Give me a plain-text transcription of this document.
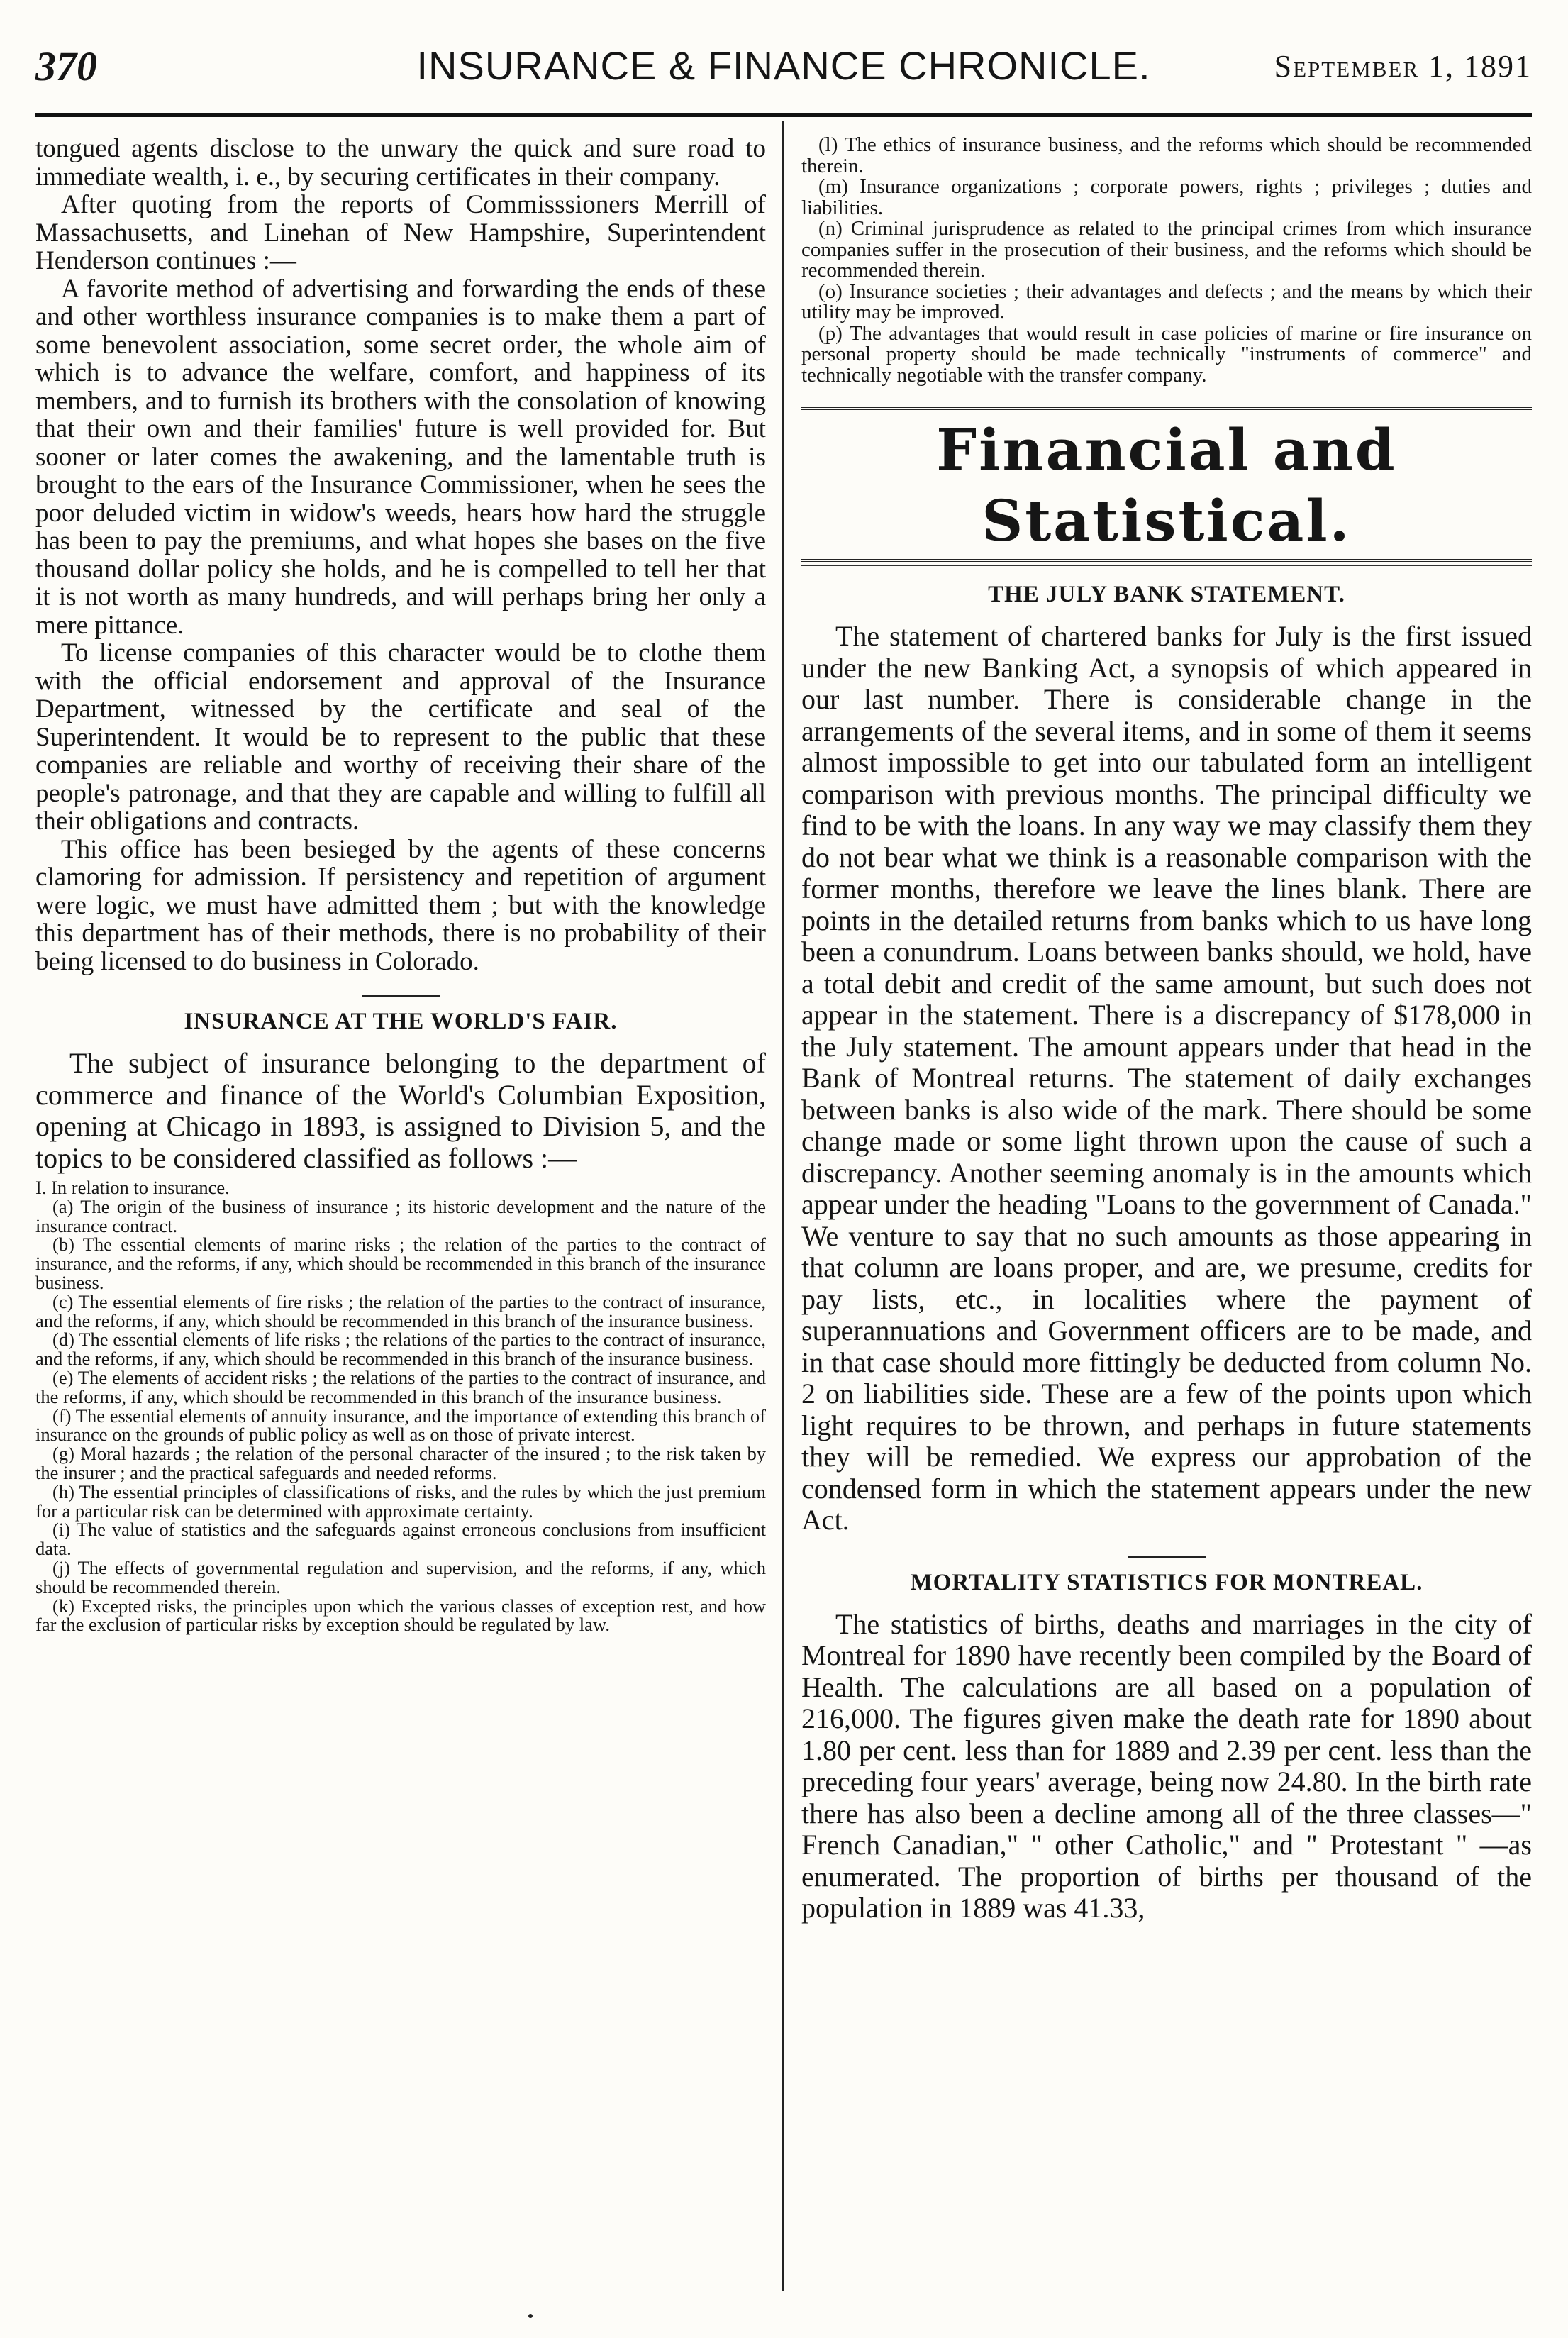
370	INSURANCE & FINANCE CHRONICLE.	September 1, 1891

tongued agents disclose to the unwary the quick and sure road to immediate wealth, i. e., by securing certificates in their company.

After quoting from the reports of Commisssioners Merrill of Massachusetts, and Linehan of New Hampshire, Superintendent Henderson continues :—

A favorite method of advertising and forwarding the ends of these and other worthless insurance companies is to make them a part of some benevolent association, some secret order, the whole aim of which is to advance the welfare, comfort, and happiness of its members, and to furnish its brothers with the consolation of knowing that their own and their families' future is well provided for. But sooner or later comes the awakening, and the lamentable truth is brought to the ears of the Insurance Commissioner, when he sees the poor deluded victim in widow's weeds, hears how hard the struggle has been to pay the premiums, and what hopes she bases on the five thousand dollar policy she holds, and he is compelled to tell her that it is not worth as many hundreds, and will perhaps bring her only a mere pittance.

To license companies of this character would be to clothe them with the official endorsement and approval of the Insurance Department, witnessed by the certificate and seal of the Superintendent. It would be to represent to the public that these companies are reliable and worthy of receiving their share of the people's patronage, and that they are capable and willing to fulfill all their obligations and contracts.

This office has been besieged by the agents of these concerns clamoring for admission. If persistency and repetition of argument were logic, we must have admitted them ; but with the knowledge this department has of their methods, there is no probability of their being licensed to do business in Colorado.

INSURANCE AT THE WORLD'S FAIR.

The subject of insurance belonging to the department of commerce and finance of the World's Columbian Exposition, opening at Chicago in 1893, is assigned to Division 5, and the topics to be considered classified as follows :—

I. In relation to insurance.

(a) The origin of the business of insurance ; its historic development and the nature of the insurance contract.

(b) The essential elements of marine risks ; the relation of the parties to the contract of insurance, and the reforms, if any, which should be recommended in this branch of the insurance business.

(c) The essential elements of fire risks ; the relation of the parties to the contract of insurance, and the reforms, if any, which should be recommended in this branch of the insurance business.

(d) The essential elements of life risks ; the relations of the parties to the contract of insurance, and the reforms, if any, which should be recommended in this branch of the insurance business.

(e) The elements of accident risks ; the relations of the parties to the contract of insurance, and the reforms, if any, which should be recommended in this branch of the insurance business.

(f) The essential elements of annuity insurance, and the importance of extending this branch of insurance on the grounds of public policy as well as on those of private interest.

(g) Moral hazards ; the relation of the personal character of the insured ; to the risk taken by the insurer ; and the practical safeguards and needed reforms.

(h) The essential principles of classifications of risks, and the rules by which the just premium for a particular risk can be determined with approximate certainty.

(i) The value of statistics and the safeguards against erroneous conclusions from insufficient data.

(j) The effects of governmental regulation and supervision, and the reforms, if any, which should be recommended therein.

(k) Excepted risks, the principles upon which the various classes of exception rest, and how far the exclusion of particular risks by exception should be regulated by law.

(l) The ethics of insurance business, and the reforms which should be recommended therein.

(m) Insurance organizations ; corporate powers, rights ; privileges ; duties and liabilities.

(n) Criminal jurisprudence as related to the principal crimes from which insurance companies suffer in the prosecution of their business, and the reforms which should be recommended therein.

(o) Insurance societies ; their advantages and defects ; and the means by which their utility may be improved.

(p) The advantages that would result in case policies of marine or fire insurance on personal property should be made technically "instruments of commerce" and technically negotiable with the transfer company.

Financial and Statistical.
THE JULY BANK STATEMENT.

The statement of chartered banks for July is the first issued under the new Banking Act, a synopsis of which appeared in our last number. There is considerable change in the arrangements of the several items, and in some of them it seems almost impossible to get into our tabulated form an intelligent comparison with previous months. The principal difficulty we find to be with the loans. In any way we may classify them they do not bear what we think is a reasonable comparison with the former months, therefore we leave the lines blank. There are points in the detailed returns from banks which to us have long been a conundrum. Loans between banks should, we hold, have a total debit and credit of the same amount, but such does not appear in the statement. There is a discrepancy of $178,000 in the July statement. The amount appears under that head in the Bank of Montreal returns. The statement of daily exchanges between banks is also wide of the mark. There should be some change made or some light thrown upon the cause of such a discrepancy. Another seeming anomaly is in the amounts which appear under the heading "Loans to the government of Canada." We venture to say that no such amounts as those appearing in that column are loans proper, and are, we presume, credits for pay lists, etc., in localities where the payment of superannuations and Government officers are to be made, and in that case should more fittingly be deducted from column No. 2 on liabilities side. These are a few of the points upon which light requires to be thrown, and perhaps in future statements they will be remedied. We express our approbation of the condensed form in which the statement appears under the new Act.

MORTALITY STATISTICS FOR MONTREAL.

The statistics of births, deaths and marriages in the city of Montreal for 1890 have recently been compiled by the Board of Health. The calculations are all based on a population of 216,000. The figures given make the death rate for 1890 about 1.80 per cent. less than for 1889 and 2.39 per cent. less than the preceding four years' average, being now 24.80. In the birth rate there has also been a decline among all of the three classes—" French Canadian," " other Catholic," and " Protestant " —as enumerated. The proportion of births per thousand of the population in 1889 was 41.33,
